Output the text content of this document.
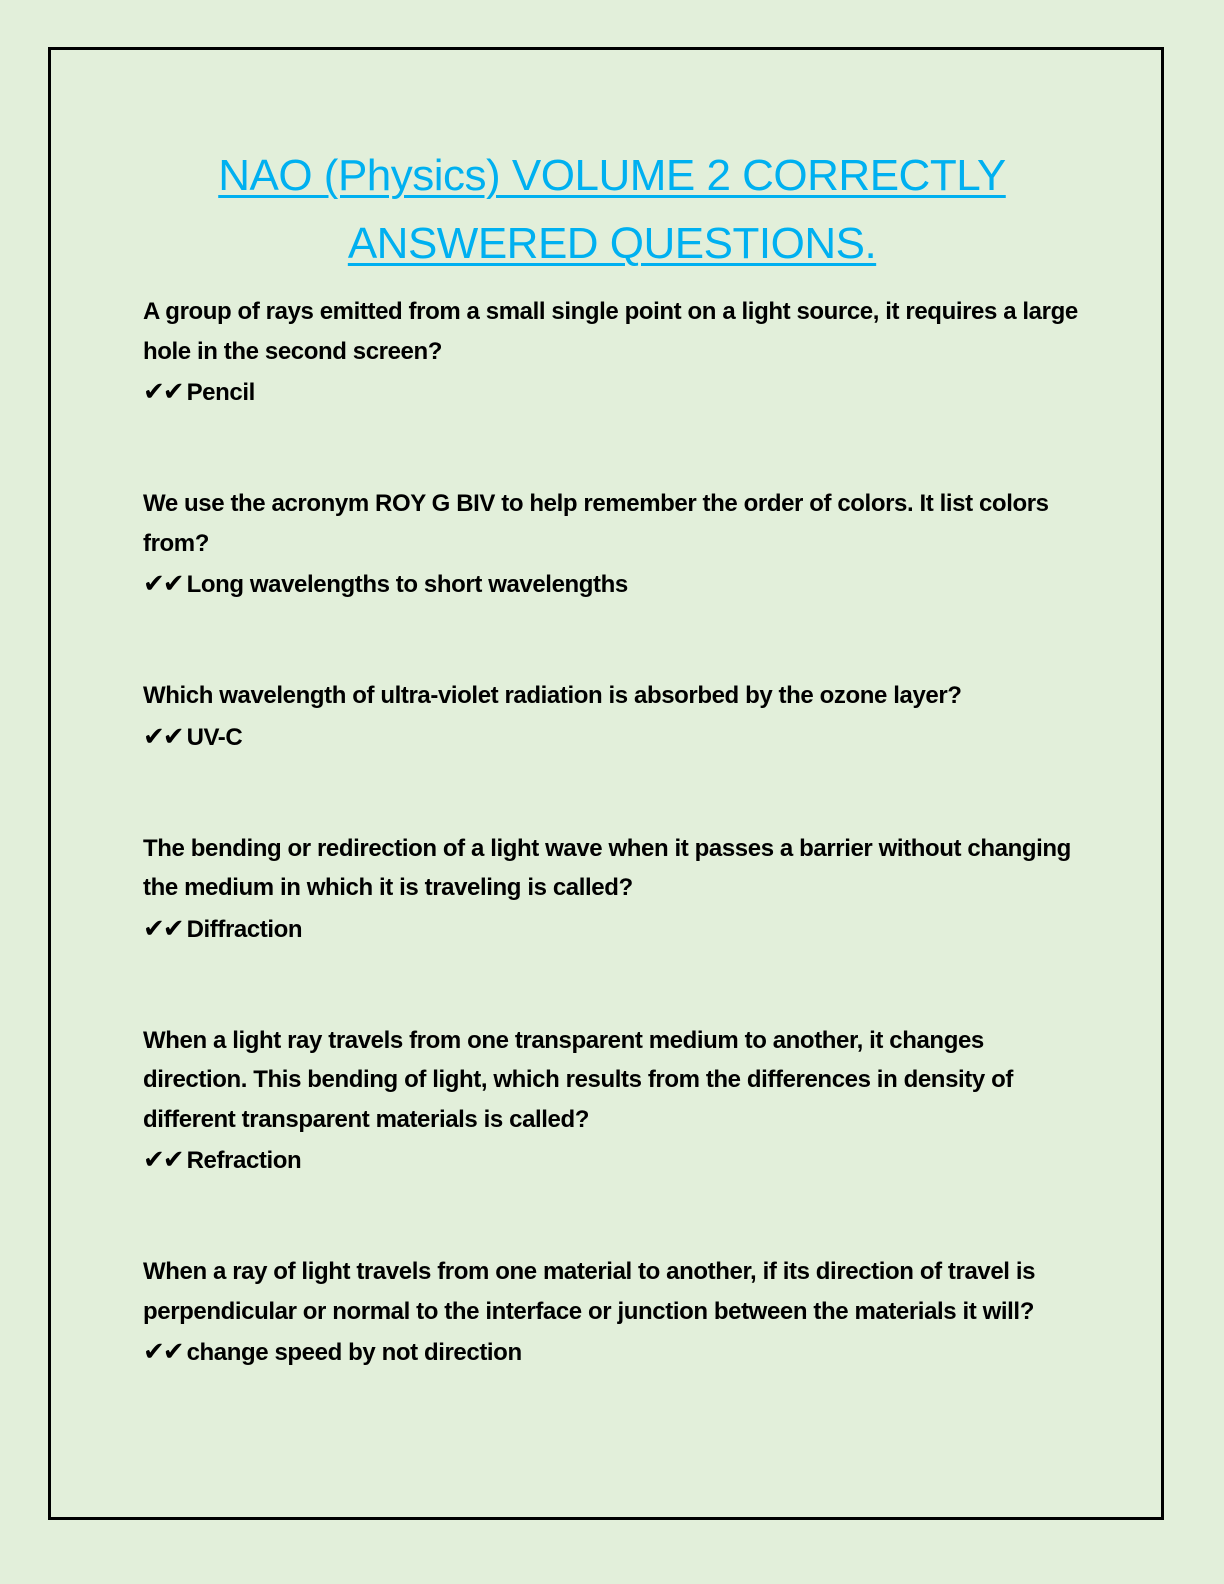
NAO (Physics) VOLUME 2 CORRECTLY
ANSWERED QUESTIONS.

A group of rays emitted from a small single point on a light source, it requires a large hole in the second screen?

✔✔ Pencil

We use the acronym ROY G BIV to help remember the order of colors. It list colors from?

✔✔ Long wavelengths to short wavelengths

Which wavelength of ultra-violet radiation is absorbed by the ozone layer?

✔✔ UV-C

The bending or redirection of a light wave when it passes a barrier without changing the medium in which it is traveling is called?

✔✔ Diffraction

When a light ray travels from one transparent medium to another, it changes direction. This bending of light, which results from the differences in density of different transparent materials is called?

✔✔ Refraction

When a ray of light travels from one material to another, if its direction of travel is perpendicular or normal to the interface or junction between the materials it will?

✔✔ change speed by not direction
